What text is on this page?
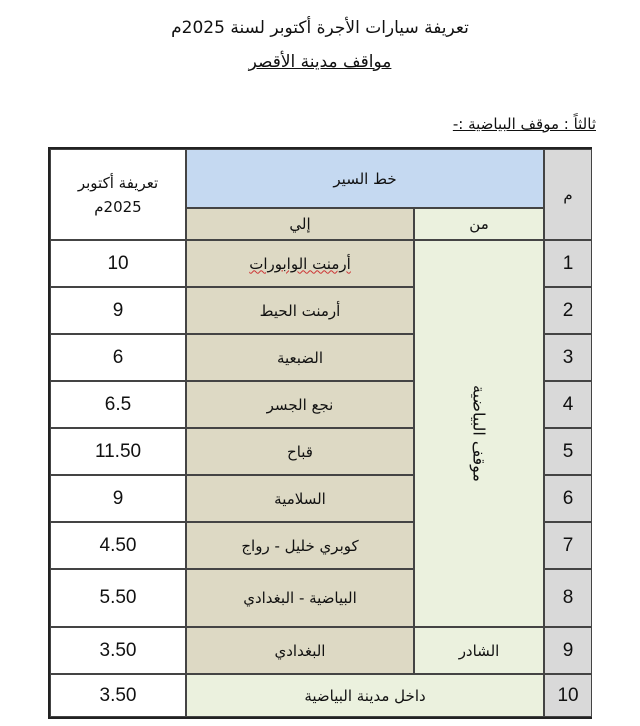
تعريفة سيارات الأجرة أكتوبر لسنة 2025م
مواقف مدينة الأقصر
ثالثاً : موقف البياضية :-
م
خط السير
من
إلي
تعريفة أكتوبر 2025م
موقف البياضية
1
أرمنت الوابورات
10
2
أرمنت الحيط
9
3
الضبعية
6
4
نجع الجسر
6.5
5
قباح
11.50
6
السلامية
9
7
كوبري خليل - رواج
4.50
8
البياضية - البغدادي
5.50
9
الشادر
البغدادي
3.50
10
داخل مدينة البياضية
3.50
